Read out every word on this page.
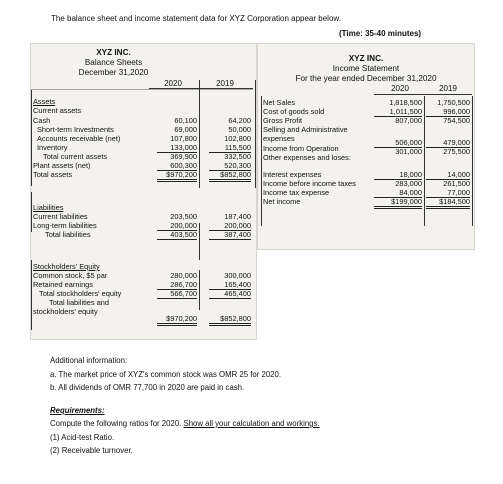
The balance sheet and income statement data for XYZ Corporation appear below.
(Time: 35-40 minutes)
XYZ INC.
Balance Sheets
December 31,2020
2020	2019
Assets
Current assets
Cash	60,100	64,200
Short-term Investments	69,000	50,000
Accounts receivable (net)	107,800	102,800
Inventory	133,000	115,500
Total current assets	369,900	332,500
Plant assets (net)	600,300	520,300
Total assets	$970,200	$852,800
Liabilities
Current liabilities	203,500	187,400
Long-term liabilities	200,000	200,000
Total liabilities	403,500	387,400
Stockholders' Equity
Common stock, $5 par	280,000	300,000
Retained earnings	286,700	165,400
Total stockholders' equity	566,700	465,400
Total liabilities and
stockholders' equity
$970,200	$852,800
XYZ INC.
Income Statement
For the year ended December 31,2020
2020	2019
Net Sales	1,818,500	1,750,500
Cost of goods sold	1,011,500	996,000
Gross Profit	807,000	754,500
Selling and Administrative
expenses	506,000	479,000
Income from Operation	301,000	275,500
Other expenses and loses:
Interest expenses	18,000	14,000
Income before income taxes	283,000	261,500
Income tax expense	84,000	77,000
Net income	$199,000	$184,500
Additional information:
a. The market price of XYZ's common stock was OMR 25 for 2020.
b. All dividends of OMR 77,700 in 2020 are paid in cash.
Requirements:
Compute the following ratios for 2020. Show all your calculation and workings.
(1) Acid-test Ratio.
(2) Receivable turnover.
